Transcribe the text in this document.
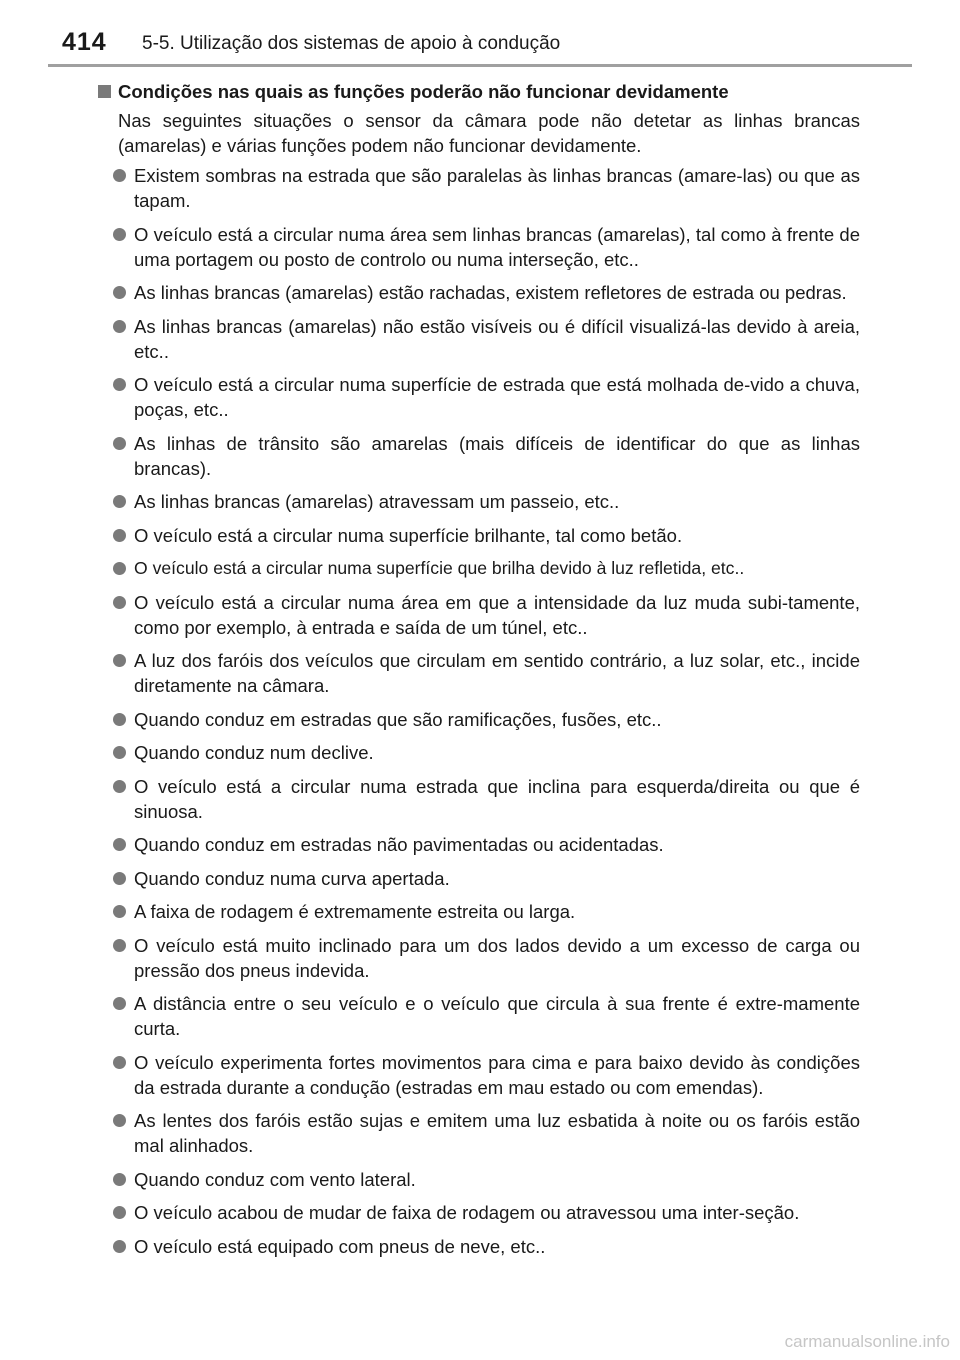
414 5-5. Utilização dos sistemas de apoio à condução
Condições nas quais as funções poderão não funcionar devidamente

Nas seguintes situações o sensor da câmara pode não detetar as linhas brancas (amarelas) e várias funções podem não funcionar devidamente.

Existem sombras na estrada que são paralelas às linhas brancas (amare-las) ou que as tapam.
O veículo está a circular numa área sem linhas brancas (amarelas), tal como à frente de uma portagem ou posto de controlo ou numa interseção, etc..
As linhas brancas (amarelas) estão rachadas, existem refletores de estrada ou pedras.
As linhas brancas (amarelas) não estão visíveis ou é difícil visualizá-las devido à areia, etc..
O veículo está a circular numa superfície de estrada que está molhada de-vido a chuva, poças, etc..
As linhas de trânsito são amarelas (mais difíceis de identificar do que as linhas brancas).
As linhas brancas (amarelas) atravessam um passeio, etc..
O veículo está a circular numa superfície brilhante, tal como betão.
O veículo está a circular numa superfície que brilha devido à luz refletida, etc..
O veículo está a circular numa área em que a intensidade da luz muda subi-tamente, como por exemplo, à entrada e saída de um túnel, etc..
A luz dos faróis dos veículos que circulam em sentido contrário, a luz solar, etc., incide diretamente na câmara.
Quando conduz em estradas que são ramificações, fusões, etc..
Quando conduz num declive.
O veículo está a circular numa estrada que inclina para esquerda/direita ou que é sinuosa.
Quando conduz em estradas não pavimentadas ou acidentadas.
Quando conduz numa curva apertada.
A faixa de rodagem é extremamente estreita ou larga.
O veículo está muito inclinado para um dos lados devido a um excesso de carga ou pressão dos pneus indevida.
A distância entre o seu veículo e o veículo que circula à sua frente é extre-mamente curta.
O veículo experimenta fortes movimentos para cima e para baixo devido às condições da estrada durante a condução (estradas em mau estado ou com emendas).
As lentes dos faróis estão sujas e emitem uma luz esbatida à noite ou os faróis estão mal alinhados.
Quando conduz com vento lateral.
O veículo acabou de mudar de faixa de rodagem ou atravessou uma inter-seção.
O veículo está equipado com pneus de neve, etc..
carmanualsonline.info
